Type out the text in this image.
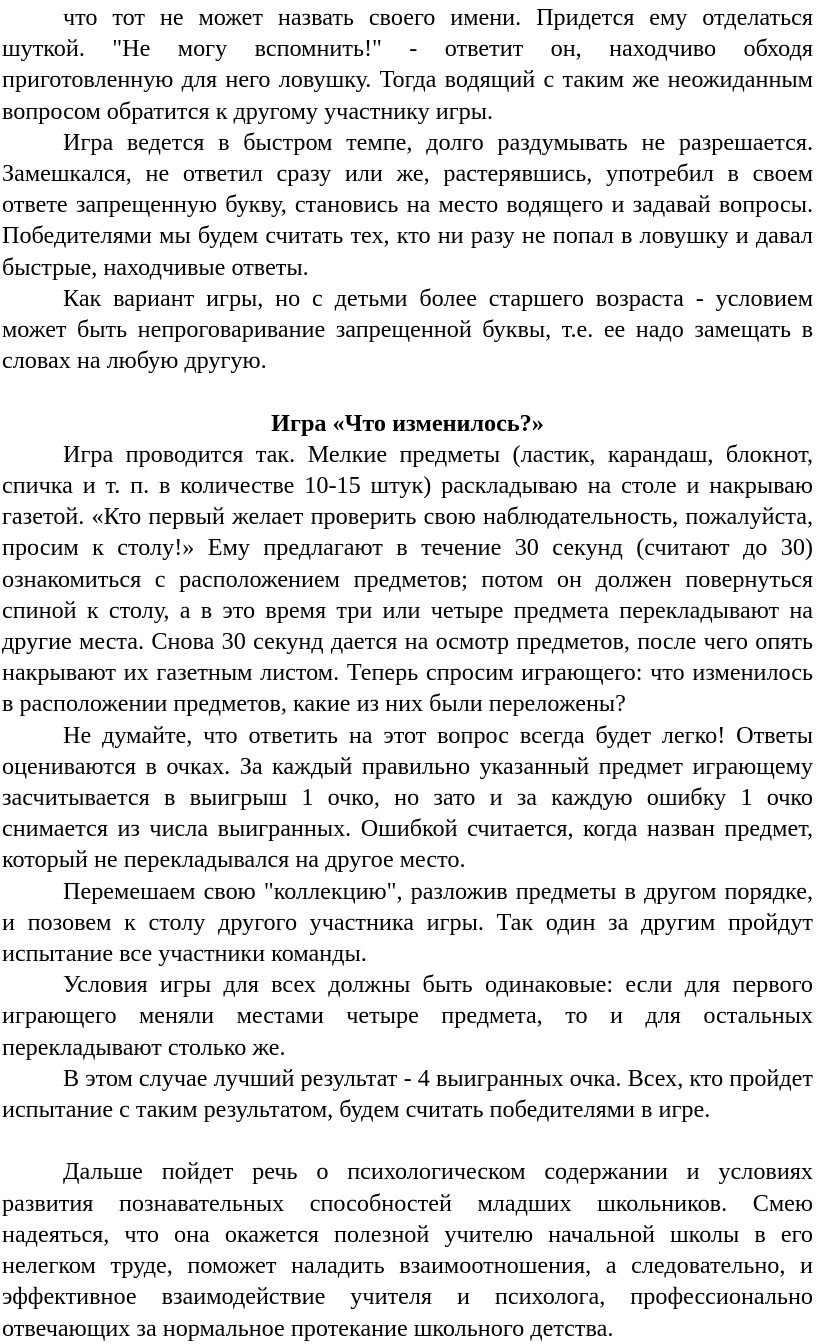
что тот не может назвать своего имени. Придется ему отделаться шуткой. "Не могу вспомнить!" - ответит он, находчиво обходя приготовленную для него ловушку. Тогда водящий с таким же неожиданным вопросом обратится к другому участнику игры.

Игра ведется в быстром темпе, долго раздумывать не разрешается. Замешкался, не ответил сразу или же, растерявшись, употребил в своем ответе запрещенную букву, становись на место водящего и задавай вопросы. Победителями мы будем считать тех, кто ни разу не попал в ловушку и давал быстрые, находчивые ответы.

Как вариант игры, но с детьми более старшего возраста - условием может быть непроговаривание запрещенной буквы, т.е. ее надо замещать в словах на любую другую.

Игра «Что изменилось?»

Игра проводится так. Мелкие предметы (ластик, карандаш, блокнот, спичка и т. п. в количестве 10-15 штук) раскладываю на столе и накрываю газетой. «Кто первый желает проверить свою наблюдательность, пожалуйста, просим к столу!» Ему предлагают в течение 30 секунд (считают до 30) ознакомиться с расположением предметов; потом он должен повернуться спиной к столу, а в это время три или четыре предмета перекладывают на другие места. Снова 30 секунд дается на осмотр предметов, после чего опять накрывают их газетным листом. Теперь спросим играющего: что изменилось в расположении предметов, какие из них были переложены?

Не думайте, что ответить на этот вопрос всегда будет легко! Ответы оцениваются в очках. За каждый правильно указанный предмет играющему засчитывается в выигрыш 1 очко, но зато и за каждую ошибку 1 очко снимается из числа выигранных. Ошибкой считается, когда назван предмет, который не перекладывался на другое место.

Перемешаем свою "коллекцию", разложив предметы в другом порядке, и позовем к столу другого участника игры. Так один за другим пройдут испытание все участники команды.

Условия игры для всех должны быть одинаковые: если для первого играющего меняли местами четыре предмета, то и для остальных перекладывают столько же.

В этом случае лучший результат - 4 выигранных очка. Всех, кто пройдет испытание с таким результатом, будем считать победителями в игре.

Дальше пойдет речь о психологическом содержании и условиях развития познавательных способностей младших школьников. Смею надеяться, что она окажется полезной учителю начальной школы в его нелегком труде, поможет наладить взаимоотношения, а следовательно, и эффективное взаимодействие учителя и психолога, профессионально отвечающих за нормальное протекание школьного детства.
